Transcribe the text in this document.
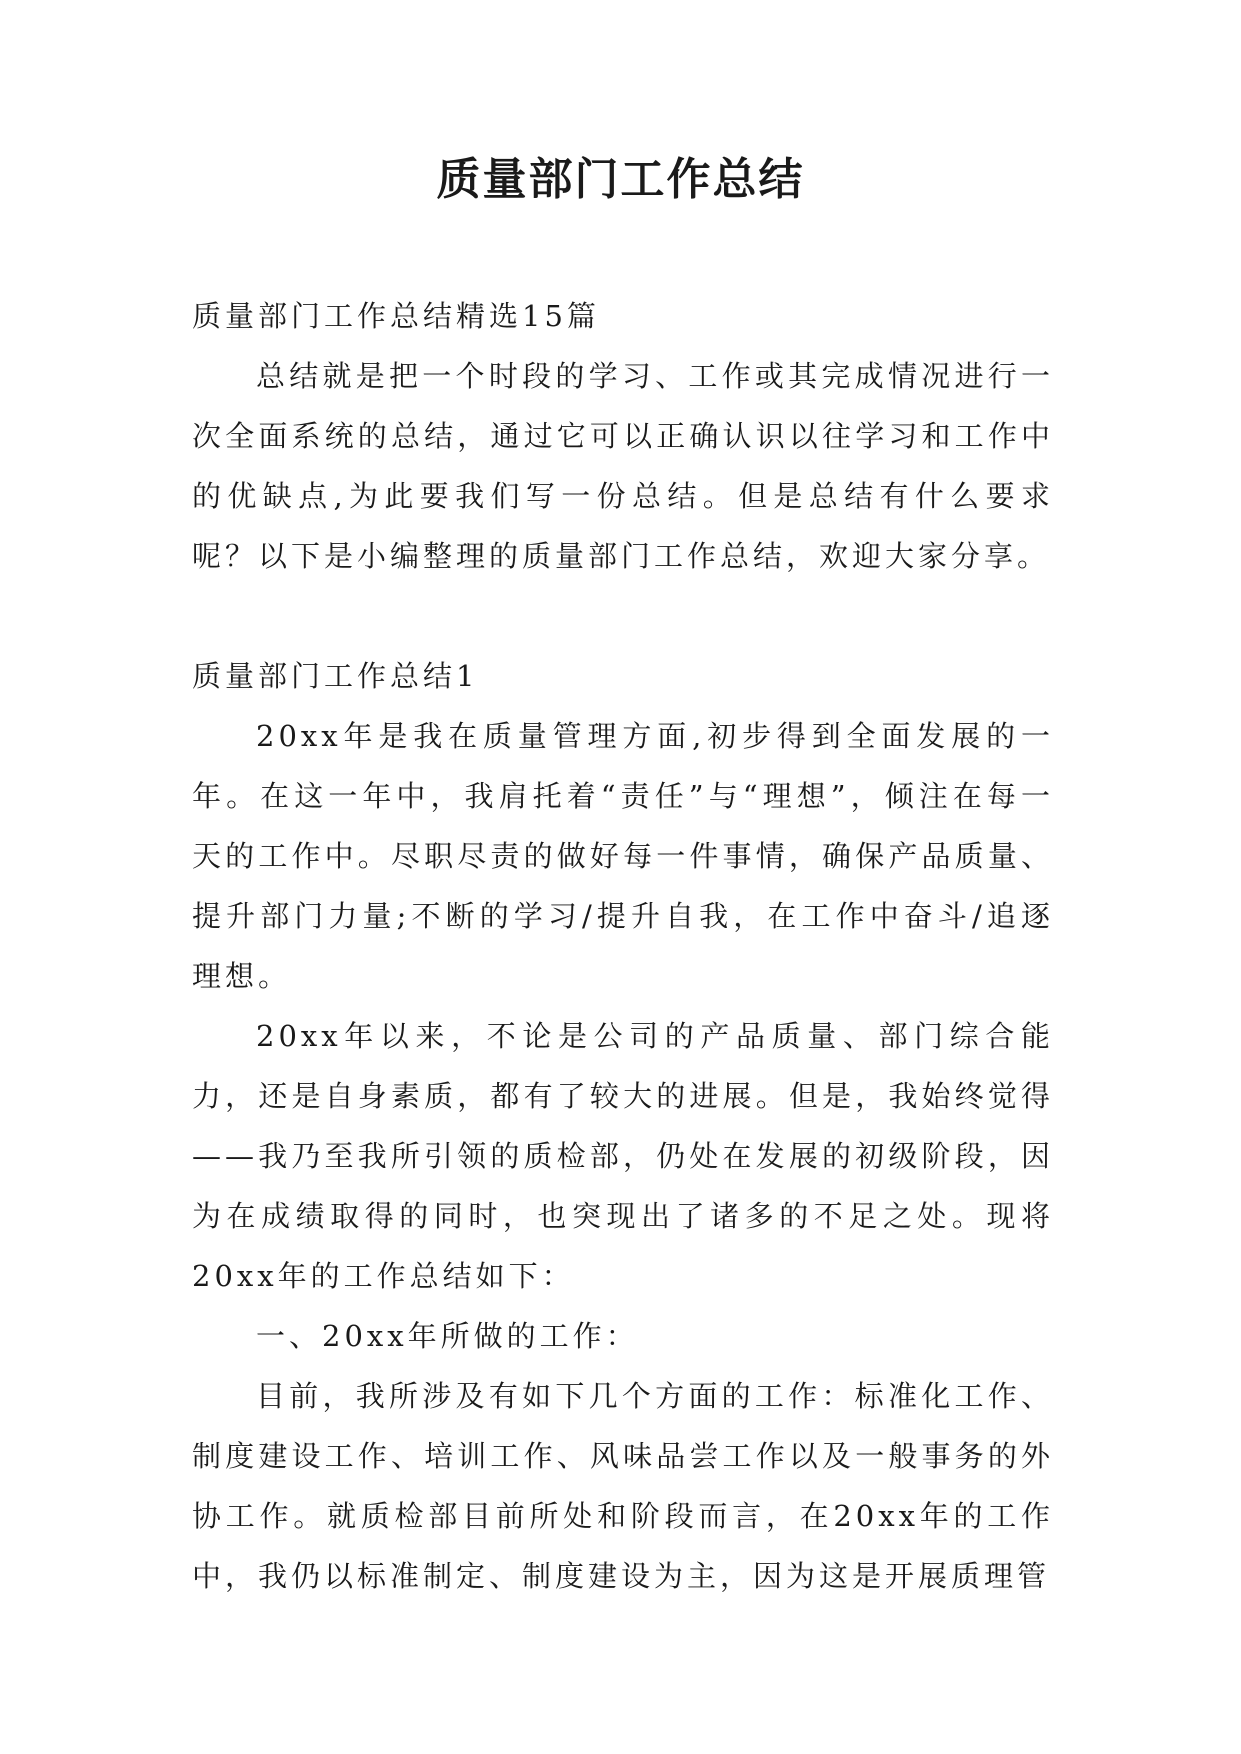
质量部门工作总结

质量部门工作总结精选15篇

总结就是把一个时段的学习、工作或其完成情况进行一次全面系统的总结，通过它可以正确认识以往学习和工作中的优缺点,为此要我们写一份总结。但是总结有什么要求呢？以下是小编整理的质量部门工作总结，欢迎大家分享。

质量部门工作总结1

20xx年是我在质量管理方面,初步得到全面发展的一年。在这一年中，我肩托着“责任”与“理想”，倾注在每一天的工作中。尽职尽责的做好每一件事情，确保产品质量、提升部门力量;不断的学习/提升自我，在工作中奋斗/追逐理想。

20xx年以来，不论是公司的产品质量、部门综合能力，还是自身素质，都有了较大的进展。但是，我始终觉得——我乃至我所引领的质检部，仍处在发展的初级阶段，因为在成绩取得的同时，也突现出了诸多的不足之处。现将20xx年的工作总结如下：

一、20xx年所做的工作：

目前，我所涉及有如下几个方面的工作：标准化工作、制度建设工作、培训工作、风味品尝工作以及一般事务的外协工作。就质检部目前所处和阶段而言，在20xx年的工作中，我仍以标准制定、制度建设为主，因为这是开展质理管
